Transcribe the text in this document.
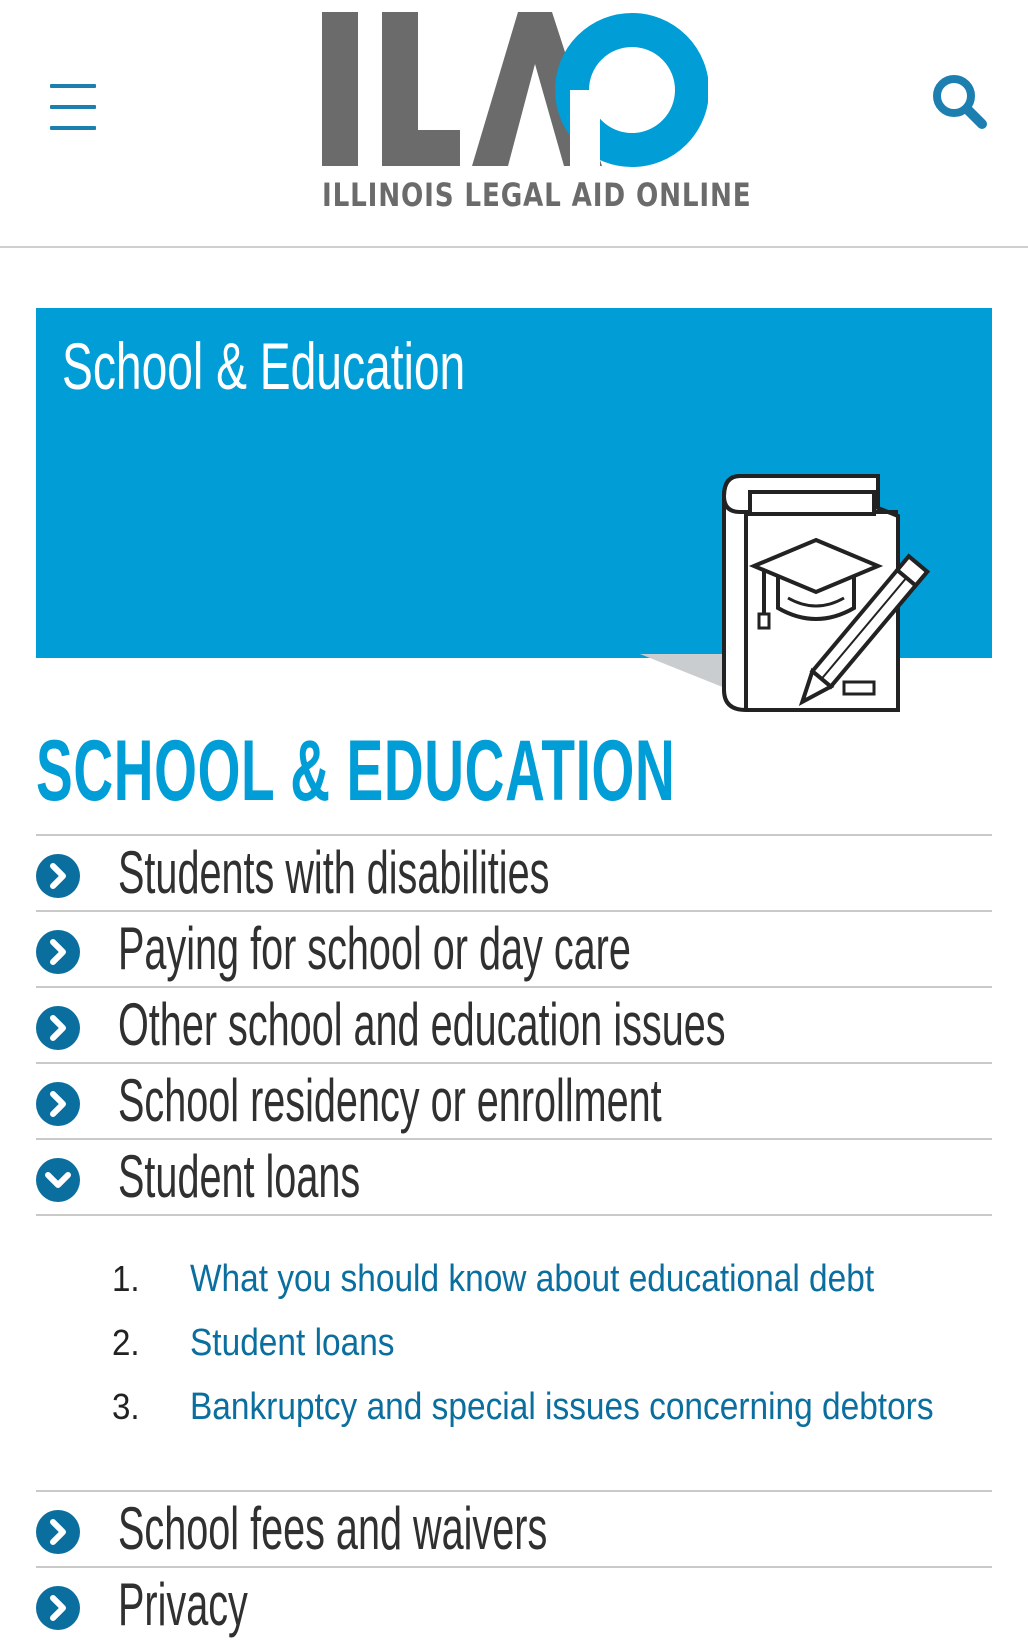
ILLINOIS LEGAL AID ONLINE
School & Education
SCHOOL & EDUCATION
Students with disabilities
Paying for school or day care
Other school and education issues
School residency or enrollment
Student loans
1. What you should know about educational debt
2. Student loans
3. Bankruptcy and special issues concerning debtors
School fees and waivers
Privacy
